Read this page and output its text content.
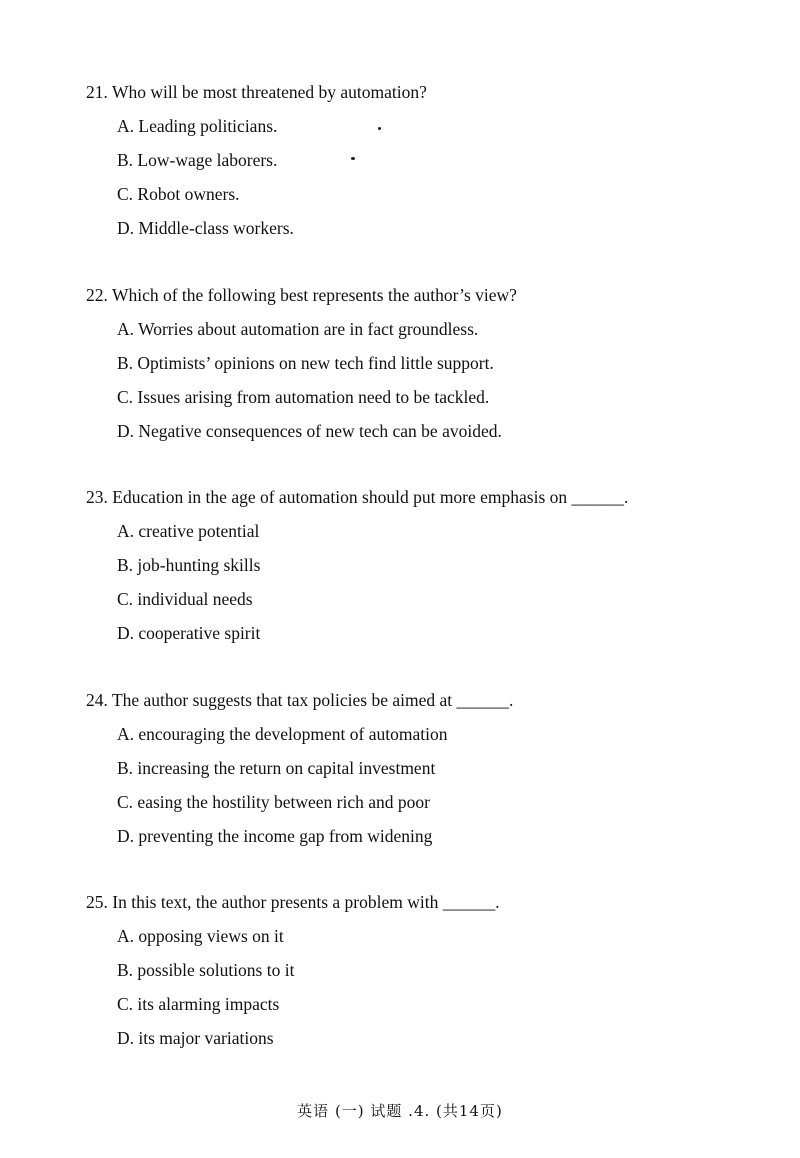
21. Who will be most threatened by automation?
A. Leading politicians.
B. Low-wage laborers.
C. Robot owners.
D. Middle-class workers.
22. Which of the following best represents the author’s view?
A. Worries about automation are in fact groundless.
B. Optimists’ opinions on new tech find little support.
C. Issues arising from automation need to be tackled.
D. Negative consequences of new tech can be avoided.
23. Education in the age of automation should put more emphasis on ______.
A. creative potential
B. job-hunting skills
C. individual needs
D. cooperative spirit
24. The author suggests that tax policies be aimed at ______.
A. encouraging the development of automation
B. increasing the return on capital investment
C. easing the hostility between rich and poor
D. preventing the income gap from widening
25. In this text, the author presents a problem with ______.
A. opposing views on it
B. possible solutions to it
C. its alarming impacts
D. its major variations
英语 (一) 试题 .4. (共14页)
